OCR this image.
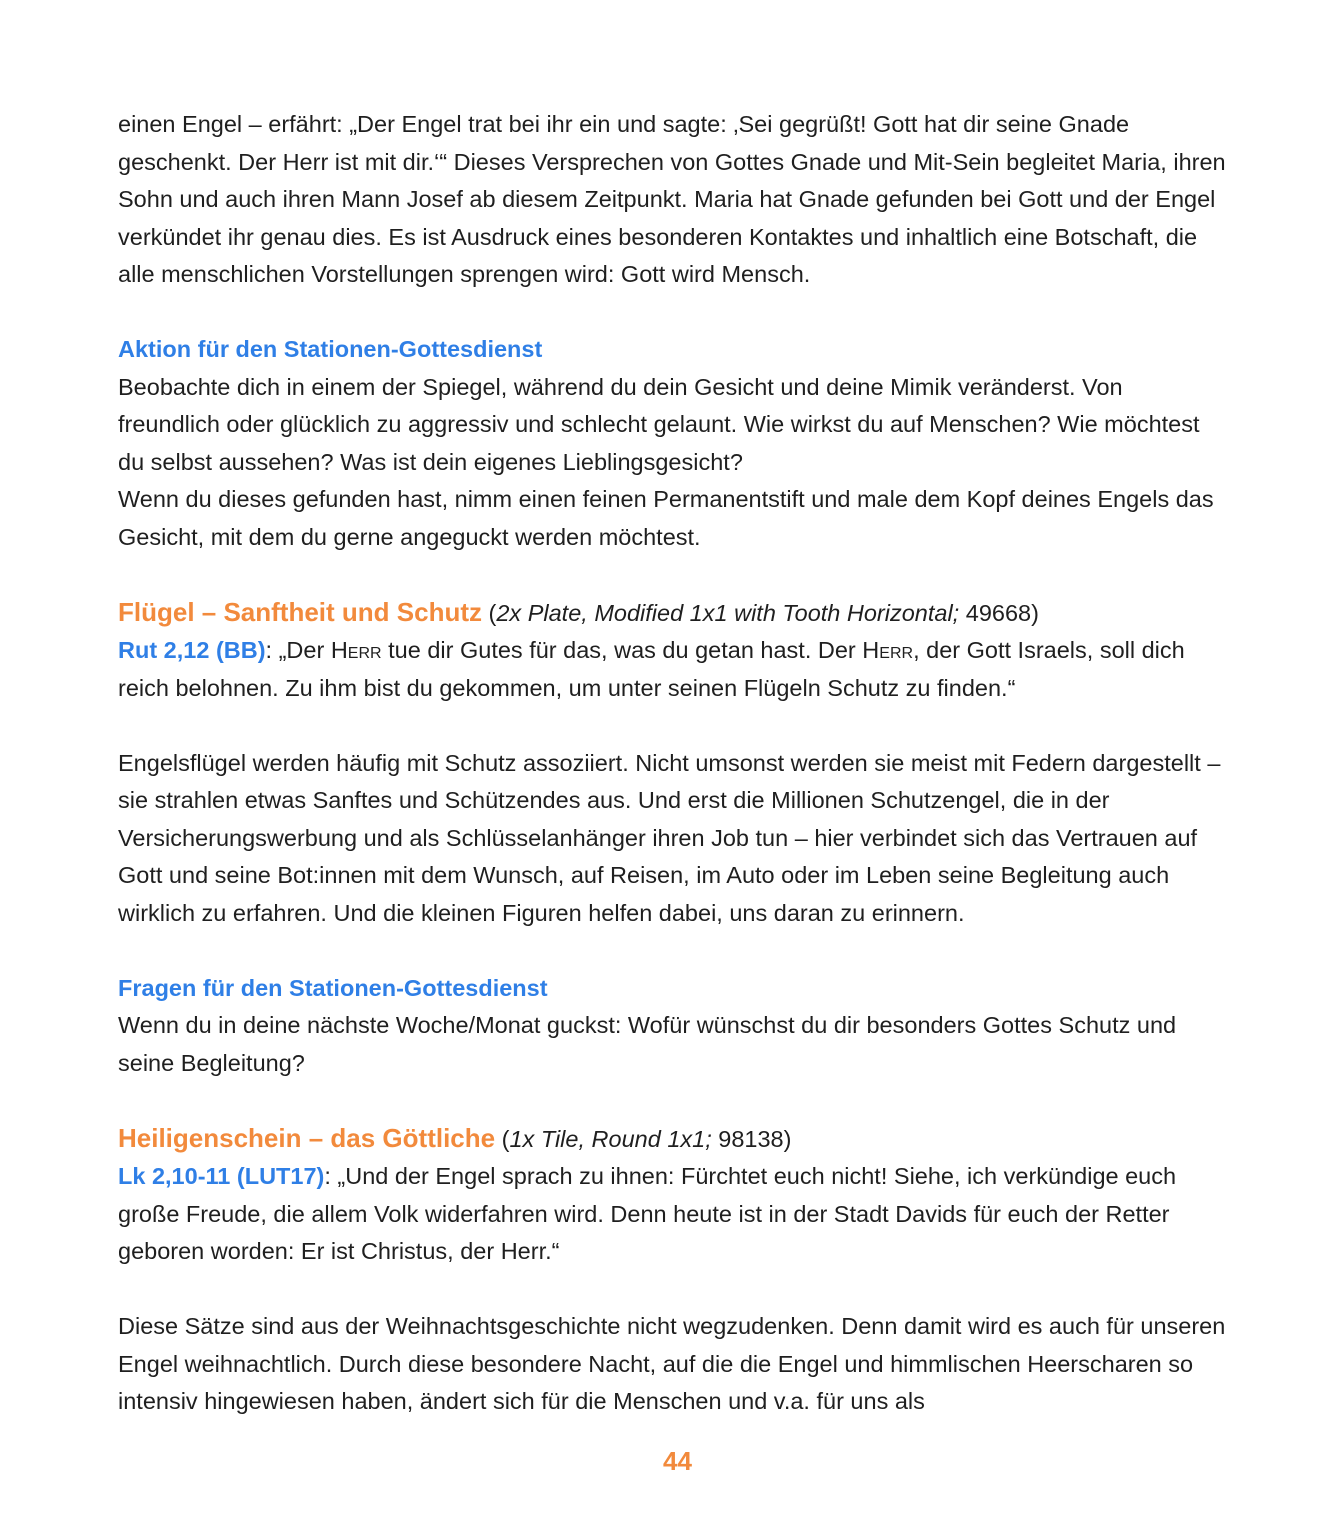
einen Engel – erfährt: „Der Engel trat bei ihr ein und sagte: ‚Sei gegrüßt! Gott hat dir seine Gnade geschenkt. Der Herr ist mit dir.‘“ Dieses Versprechen von Gottes Gnade und Mit-Sein begleitet Maria, ihren Sohn und auch ihren Mann Josef ab diesem Zeitpunkt. Maria hat Gnade gefunden bei Gott und der Engel verkündet ihr genau dies. Es ist Ausdruck eines besonderen Kontaktes und inhaltlich eine Botschaft, die alle menschlichen Vorstellungen sprengen wird: Gott wird Mensch.

Aktion für den Stationen-Gottesdienst

Beobachte dich in einem der Spiegel, während du dein Gesicht und deine Mimik veränderst. Von freundlich oder glücklich zu aggressiv und schlecht gelaunt. Wie wirkst du auf Menschen? Wie möchtest du selbst aussehen? Was ist dein eigenes Lieblingsgesicht?

Wenn du dieses gefunden hast, nimm einen feinen Permanentstift und male dem Kopf deines Engels das Gesicht, mit dem du gerne angeguckt werden möchtest.

Flügel – Sanftheit und Schutz (2x Plate, Modified 1x1 with Tooth Horizontal; 49668)

Rut 2,12 (BB): „Der Herr tue dir Gutes für das, was du getan hast. Der Herr, der Gott Israels, soll dich reich belohnen. Zu ihm bist du gekommen, um unter seinen Flügeln Schutz zu finden.“

Engelsflügel werden häufig mit Schutz assoziiert. Nicht umsonst werden sie meist mit Federn dargestellt – sie strahlen etwas Sanftes und Schützendes aus. Und erst die Millionen Schutzengel, die in der Versicherungswerbung und als Schlüsselanhänger ihren Job tun – hier verbindet sich das Vertrauen auf Gott und seine Bot:innen mit dem Wunsch, auf Reisen, im Auto oder im Leben seine Begleitung auch wirklich zu erfahren. Und die kleinen Figuren helfen dabei, uns daran zu erinnern.

Fragen für den Stationen-Gottesdienst

Wenn du in deine nächste Woche/Monat guckst: Wofür wünschst du dir besonders Gottes Schutz und seine Begleitung?

Heiligenschein – das Göttliche (1x Tile, Round 1x1; 98138)

Lk 2,10-11 (LUT17): „Und der Engel sprach zu ihnen: Fürchtet euch nicht! Siehe, ich verkündige euch große Freude, die allem Volk widerfahren wird. Denn heute ist in der Stadt Davids für euch der Retter geboren worden: Er ist Christus, der Herr.“

Diese Sätze sind aus der Weihnachtsgeschichte nicht wegzudenken. Denn damit wird es auch für unseren Engel weihnachtlich. Durch diese besondere Nacht, auf die die Engel und himmlischen Heerscharen so intensiv hingewiesen haben, ändert sich für die Menschen und v.a. für uns als

44
